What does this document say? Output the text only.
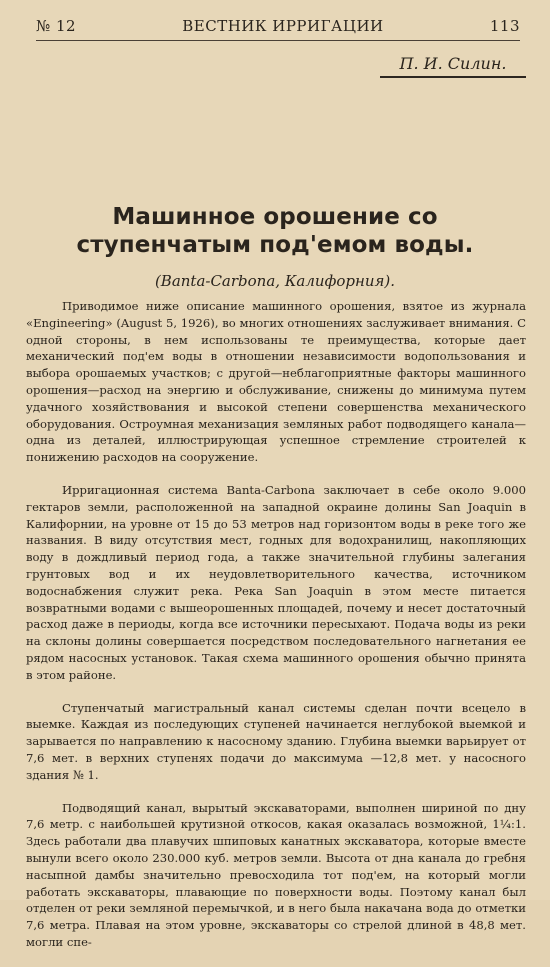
№ 12	ВЕСТНИК ИРРИГАЦИИ	113
П. И. Силин.
Машинное орошение со ступенчатым под'емом воды.
(Banta-Carbona, Калифорния).

Приводимое ниже описание машинного орошения, взятое из журнала «Engineering» (August 5, 1926), во многих отношениях заслуживает внимания. С одной стороны, в нем использованы те преимущества, которые дает механический под'ем воды в отношении независимости водопользования и выбора орошаемых участков; с другой—неблагоприятные факторы машинного орошения—расход на энергию и обслуживание, снижены до минимума путем удачного хозяйствования и высокой степени совершенства механического оборудования. Остроумная механизация земляных работ подводящего канала—одна из деталей, иллюстрирующая успешное стремление строителей к понижению расходов на сооружение.

Ирригационная система Banta-Carbona заключает в себе около 9.000 гектаров земли, расположенной на западной окраине долины San Joaquin в Калифорнии, на уровне от 15 до 53 метров над горизонтом воды в реке того же названия. В виду отсутствия мест, годных для водохранилищ, накопляющих воду в дождливый период года, а также значительной глубины залегания грунтовых вод и их неудовлетворительного качества, источником водоснабжения служит река. Река San Joaquin в этом месте питается возвратными водами с вышеорошенных площадей, почему и несет достаточный расход даже в периоды, когда все источники пересыхают. Подача воды из реки на склоны долины совершается посредством последовательного нагнетания ее рядом насосных установок. Такая схема машинного орошения обычно принята в этом районе.

Ступенчатый магистральный канал системы сделан почти всецело в выемке. Каждая из последующих ступеней начинается неглубокой выемкой и зарывается по направлению к насосному зданию. Глубина выемки варьирует от 7,6 мет. в верхних ступенях подачи до максимума —12,8 мет. у насосного здания № 1.

Подводящий канал, вырытый экскаваторами, выполнен шириной по дну 7,6 метр. с наибольшей крутизной откосов, какая оказалась возможной, 1¼:1. Здесь работали два плавучих шпиповых канатных экскаватора, которые вместе вынули всего около 230.000 куб. метров земли. Высота от дна канала до гребня насыпной дамбы значительно превосходила тот под'ем, на который могли работать экскаваторы, плавающие по поверхности воды. Поэтому канал был отделен от реки земляной перемычкой, и в него была накачана вода до отметки 7,6 метра. Плавая на этом уровне, экскаваторы со стрелой длиной в 48,8 мет. могли спе-
